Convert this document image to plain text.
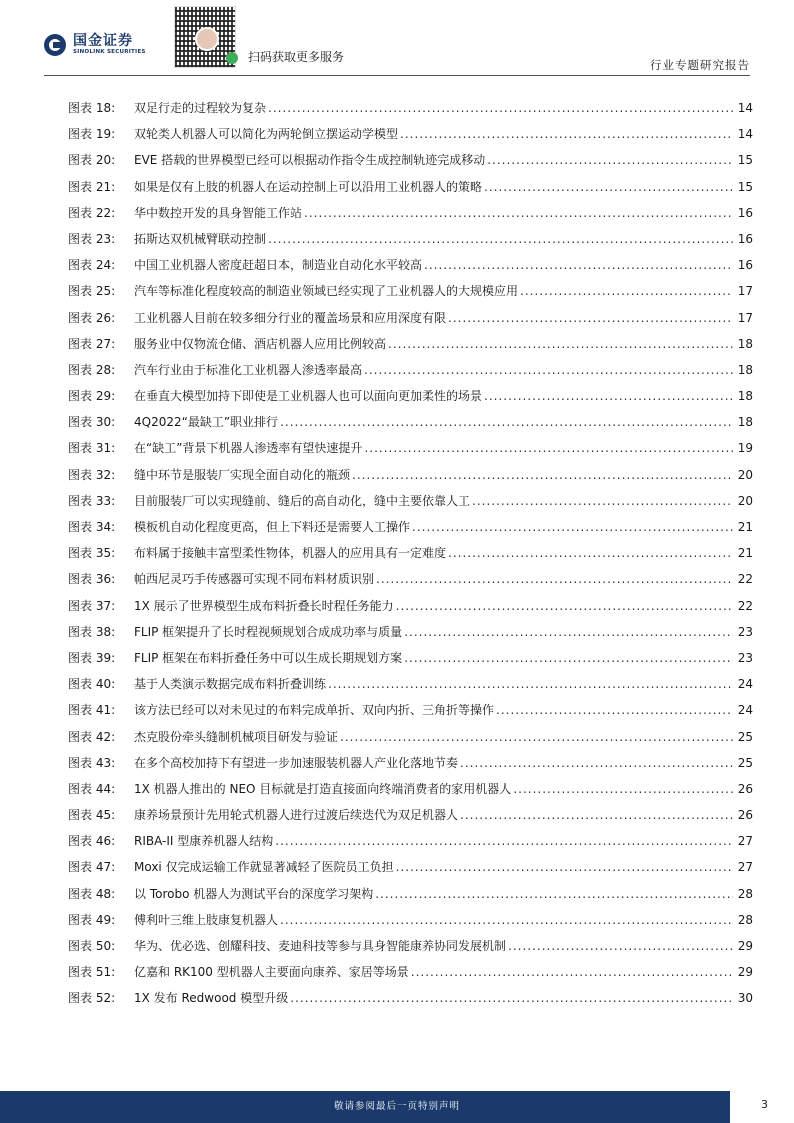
国金证券
SINOLINK SECURITIES	扫码获取更多服务
行业专题研究报告
图表 18:	双足行走的过程较为复杂 .....	14
图表 19:	双轮类人机器人可以简化为两轮倒立摆运动学模型 .....	14
图表 20:	EVE 搭载的世界模型已经可以根据动作指令生成控制轨迹完成移动 .....	15
图表 21:	如果是仅有上肢的机器人在运动控制上可以沿用工业机器人的策略 .....	15
图表 22:	华中数控开发的具身智能工作站 .....	16
图表 23:	拓斯达双机械臂联动控制 .....	16
图表 24:	中国工业机器人密度赶超日本，制造业自动化水平较高 .....	16
图表 25:	汽车等标准化程度较高的制造业领域已经实现了工业机器人的大规模应用 .....	17
图表 26:	工业机器人目前在较多细分行业的覆盖场景和应用深度有限 .....	17
图表 27:	服务业中仅物流仓储、酒店机器人应用比例较高 .....	18
图表 28:	汽车行业由于标准化工业机器人渗透率最高 .....	18
图表 29:	在垂直大模型加持下即使是工业机器人也可以面向更加柔性的场景 .....	18
图表 30:	4Q2022“最缺工”职业排行 .....	18
图表 31:	在“缺工”背景下机器人渗透率有望快速提升 .....	19
图表 32:	缝中环节是服装厂实现全面自动化的瓶颈 .....	20
图表 33:	目前服装厂可以实现缝前、缝后的高自动化，缝中主要依靠人工 .....	20
图表 34:	模板机自动化程度更高，但上下料还是需要人工操作 .....	21
图表 35:	布料属于接触丰富型柔性物体，机器人的应用具有一定难度 .....	21
图表 36:	帕西尼灵巧手传感器可实现不同布料材质识别 .....	22
图表 37:	1X 展示了世界模型生成布料折叠长时程任务能力 .....	22
图表 38:	FLIP 框架提升了长时程视频规划合成成功率与质量 .....	23
图表 39:	FLIP 框架在布料折叠任务中可以生成长期规划方案 .....	23
图表 40:	基于人类演示数据完成布料折叠训练 .....	24
图表 41:	该方法已经可以对未见过的布料完成单折、双向内折、三角折等操作 .....	24
图表 42:	杰克股份牵头缝制机械项目研发与验证 .....	25
图表 43:	在多个高校加持下有望进一步加速服装机器人产业化落地节奏 .....	25
图表 44:	1X 机器人推出的 NEO 目标就是打造直接面向终端消费者的家用机器人 .....	26
图表 45:	康养场景预计先用轮式机器人进行过渡后续迭代为双足机器人 .....	26
图表 46:	RIBA-II 型康养机器人结构 .....	27
图表 47:	Moxi 仅完成运输工作就显著减轻了医院员工负担 .....	27
图表 48:	以 Torobo 机器人为测试平台的深度学习架构 .....	28
图表 49:	傅利叶三维上肢康复机器人 .....	28
图表 50:	华为、优必选、创耀科技、麦迪科技等参与具身智能康养协同发展机制 .....	29
图表 51:	亿嘉和 RK100 型机器人主要面向康养、家居等场景 .....	29
图表 52:	1X 发布 Redwood 模型升级 .....	30
敬请参阅最后一页特别声明	3
